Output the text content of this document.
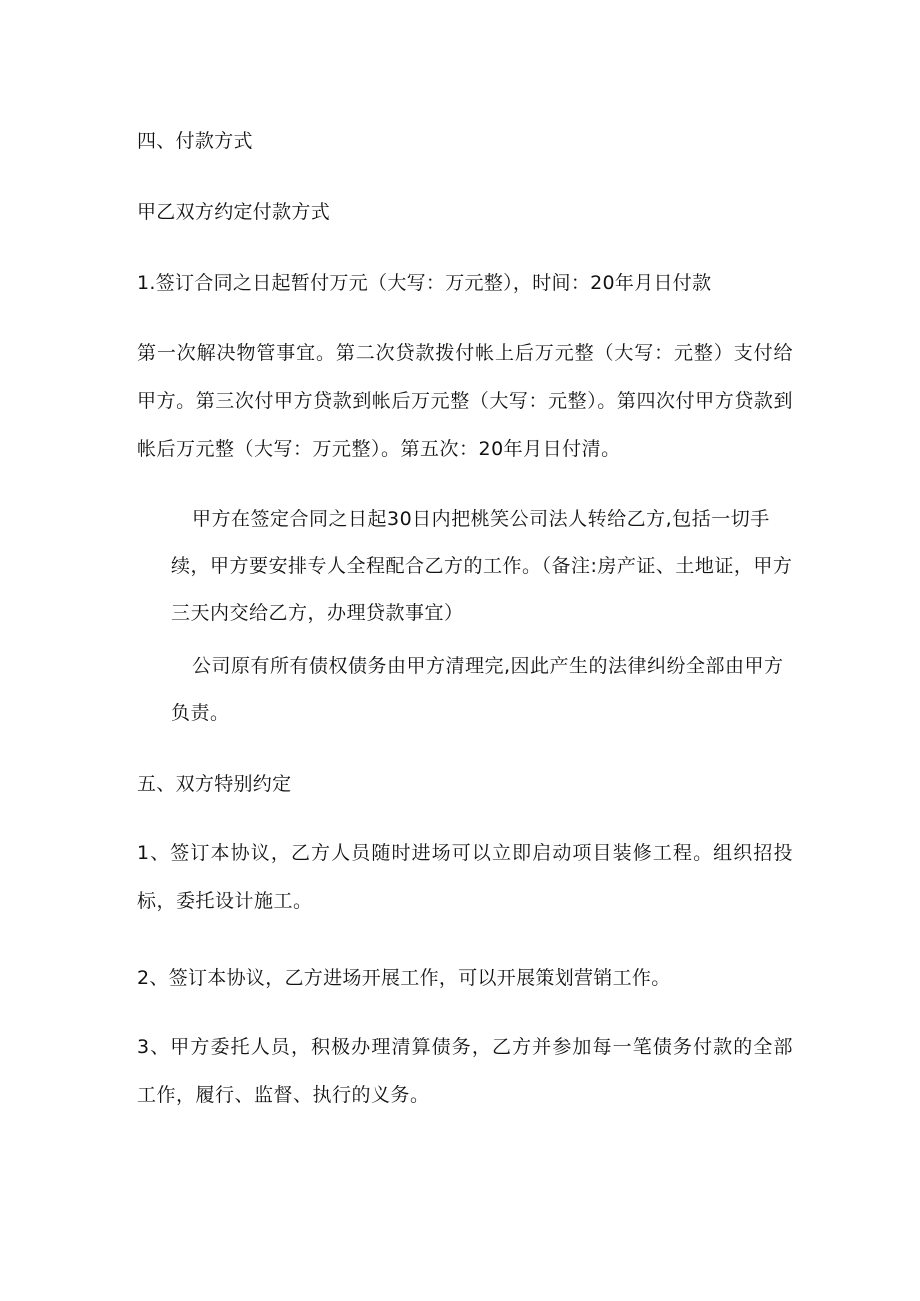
四、付款方式
甲乙双方约定付款方式
1.签订合同之日起暂付万元（大写：万元整），时间：20年月日付款
第一次解决物管事宜。第二次贷款拨付帐上后万元整（大写：元整）支付给甲方。第三次付甲方贷款到帐后万元整（大写：元整）。第四次付甲方贷款到帐后万元整（大写：万元整）。第五次：20年月日付清。
甲方在签定合同之日起30日内把桃笑公司法人转给乙方,包括一切手续，甲方要安排专人全程配合乙方的工作。（备注:房产证、土地证，甲方三天内交给乙方，办理贷款事宜）
公司原有所有债权债务由甲方清理完,因此产生的法律纠纷全部由甲方负责。
五、双方特别约定
1、签订本协议，乙方人员随时进场可以立即启动项目装修工程。组织招投标，委托设计施工。
2、签订本协议，乙方进场开展工作，可以开展策划营销工作。
3、甲方委托人员，积极办理清算债务，乙方并参加每一笔债务付款的全部工作，履行、监督、执行的义务。
